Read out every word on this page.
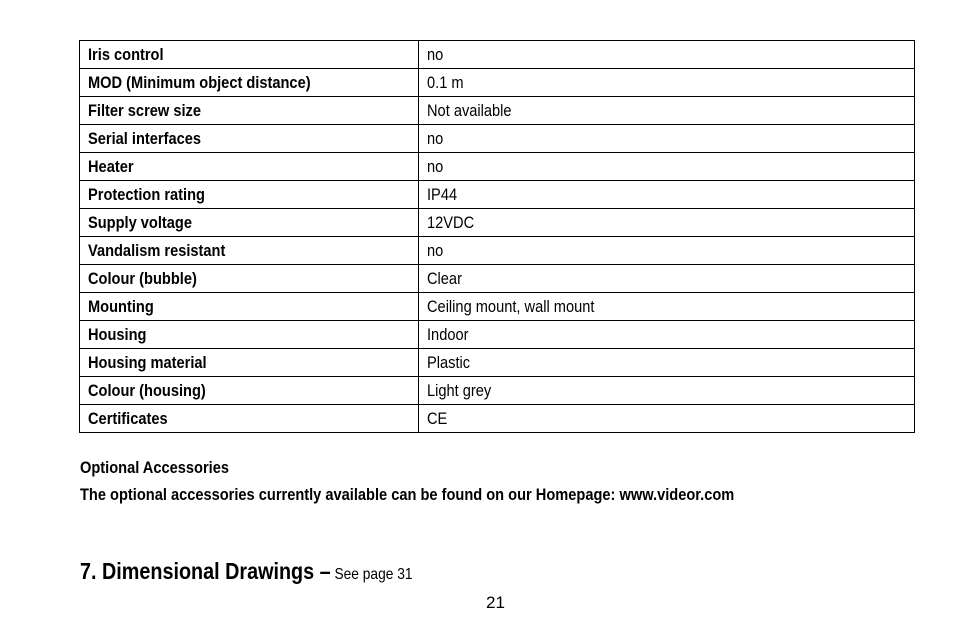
Iris control	no
MOD (Minimum object distance)	0.1 m
Filter screw size	Not available
Serial interfaces	no
Heater	no
Protection rating	IP44
Supply voltage	12VDC
Vandalism resistant	no
Colour (bubble)	Clear
Mounting	Ceiling mount, wall mount
Housing	Indoor
Housing material	Plastic
Colour (housing)	Light grey
Certificates	CE
Optional Accessories
The optional accessories currently available can be found on our Homepage: www.videor.com
7. Dimensional Drawings – See page 31
21
